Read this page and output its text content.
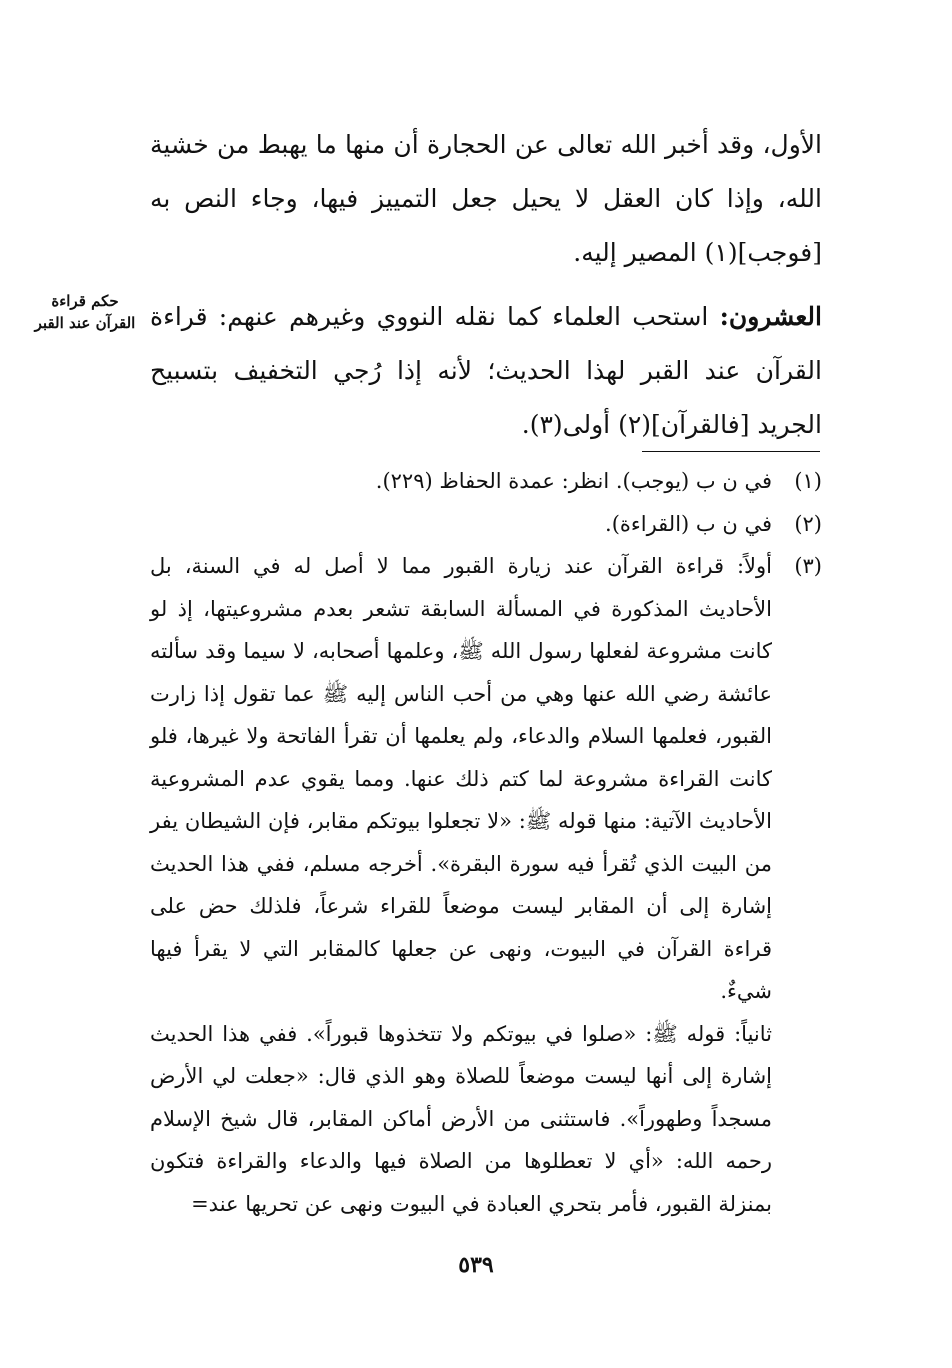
الأول، وقد أخبر الله تعالى عن الحجارة أن منها ما يهبط من خشية الله، وإذا كان العقل لا يحيل جعل التمييز فيها، وجاء النص به [فوجب](١) المصير إليه.

العشرون: استحب العلماء كما نقله النووي وغيرهم عنهم: قراءة القرآن عند القبر لهذا الحديث؛ لأنه إذا رُجي التخفيف بتسبيح الجريد [فالقرآن](٢) أولى(٣).

حكم قراءة
القرآن عند القبر
(١)

في ن ب (يوجب). انظر: عمدة الحفاظ (٢٢٩).

(٢)

في ن ب (القراءة).

(٣)

أولاً: قراءة القرآن عند زيارة القبور مما لا أصل له في السنة، بل الأحاديث المذكورة في المسألة السابقة تشعر بعدم مشروعيتها، إذ لو كانت مشروعة لفعلها رسول الله ﷺ، وعلمها أصحابه، لا سيما وقد سألته عائشة رضي الله عنها وهي من أحب الناس إليه ﷺ عما تقول إذا زارت القبور، فعلمها السلام والدعاء، ولم يعلمها أن تقرأ الفاتحة ولا غيرها، فلو كانت القراءة مشروعة لما كتم ذلك عنها. ومما يقوي عدم المشروعية الأحاديث الآتية: منها قوله ﷺ: «لا تجعلوا بيوتكم مقابر، فإن الشيطان يفر من البيت الذي تُقرأ فيه سورة البقرة». أخرجه مسلم، ففي هذا الحديث إشارة إلى أن المقابر ليست موضعاً للقراء شرعاً، فلذلك حض على قراءة القرآن في البيوت، ونهى عن جعلها كالمقابر التي لا يقرأ فيها شيءٌ.

ثانياً: قوله ﷺ: «صلوا في بيوتكم ولا تتخذوها قبوراً». ففي هذا الحديث إشارة إلى أنها ليست موضعاً للصلاة وهو الذي قال: «جعلت لي الأرض مسجداً وطهوراً». فاستثنى من الأرض أماكن المقابر، قال شيخ الإسلام رحمه الله: «أي لا تعطلوها من الصلاة فيها والدعاء والقراءة فتكون بمنزلة القبور، فأمر بتحري العبادة في البيوت ونهى عن تحريها عند=

٥٣٩
